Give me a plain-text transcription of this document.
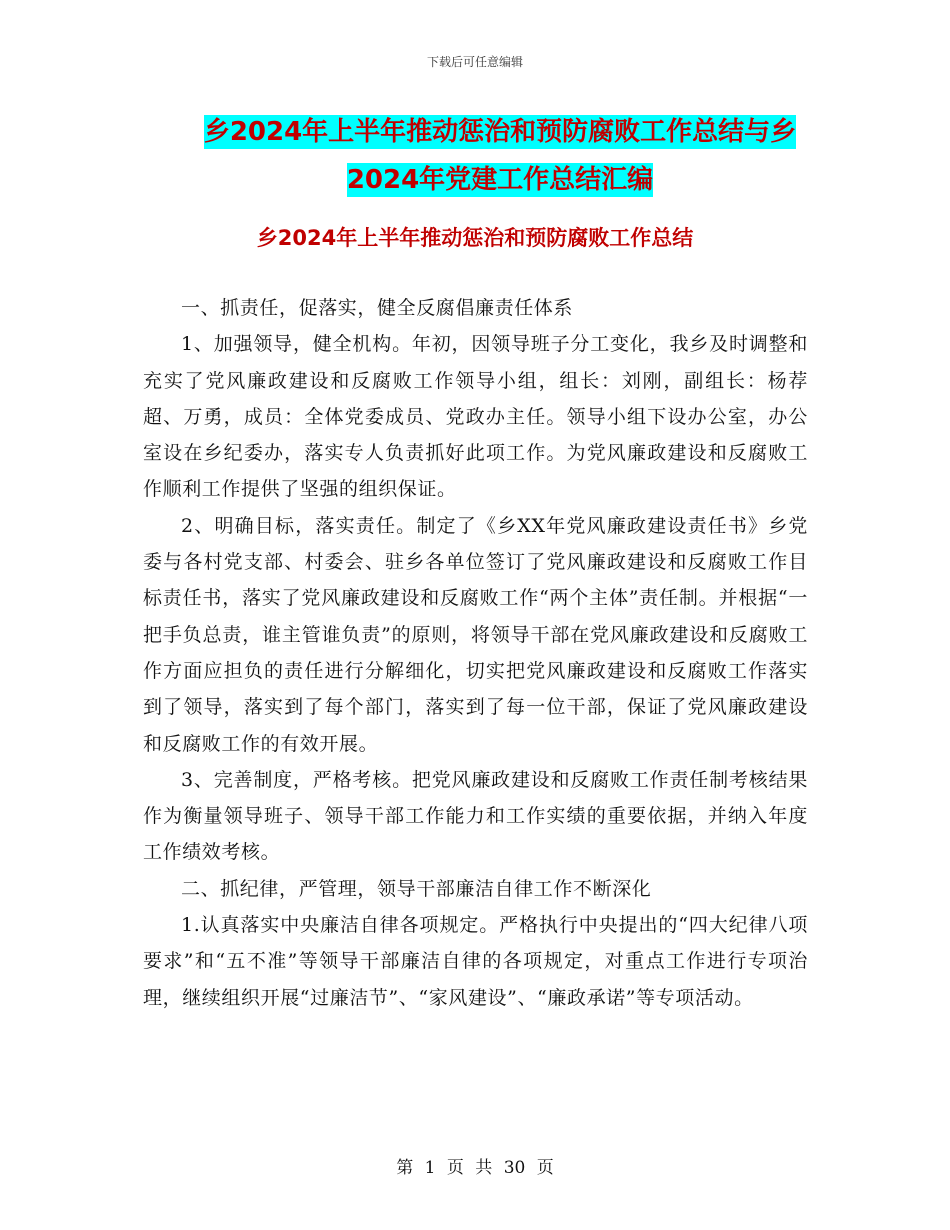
下载后可任意编辑
乡2024年上半年推动惩治和预防腐败工作总结与乡
2024年党建工作总结汇编
乡2024年上半年推动惩治和预防腐败工作总结

一、抓责任，促落实，健全反腐倡廉责任体系

1、加强领导，健全机构。年初，因领导班子分工变化，我乡及时调整和充实了党风廉政建设和反腐败工作领导小组，组长：刘刚，副组长：杨荐超、万勇，成员：全体党委成员、党政办主任。领导小组下设办公室，办公室设在乡纪委办，落实专人负责抓好此项工作。为党风廉政建设和反腐败工作顺利工作提供了坚强的组织保证。

2、明确目标，落实责任。制定了《乡XX年党风廉政建设责任书》乡党委与各村党支部、村委会、驻乡各单位签订了党风廉政建设和反腐败工作目标责任书，落实了党风廉政建设和反腐败工作“两个主体”责任制。并根据“一把手负总责，谁主管谁负责”的原则，将领导干部在党风廉政建设和反腐败工作方面应担负的责任进行分解细化，切实把党风廉政建设和反腐败工作落实到了领导，落实到了每个部门，落实到了每一位干部，保证了党风廉政建设和反腐败工作的有效开展。

3、完善制度，严格考核。把党风廉政建设和反腐败工作责任制考核结果作为衡量领导班子、领导干部工作能力和工作实绩的重要依据，并纳入年度工作绩效考核。

二、抓纪律，严管理，领导干部廉洁自律工作不断深化

1.认真落实中央廉洁自律各项规定。严格执行中央提出的“四大纪律八项要求”和“五不准”等领导干部廉洁自律的各项规定，对重点工作进行专项治理，继续组织开展“过廉洁节”、“家风建设”、“廉政承诺”等专项活动。

第 1 页 共 30 页
